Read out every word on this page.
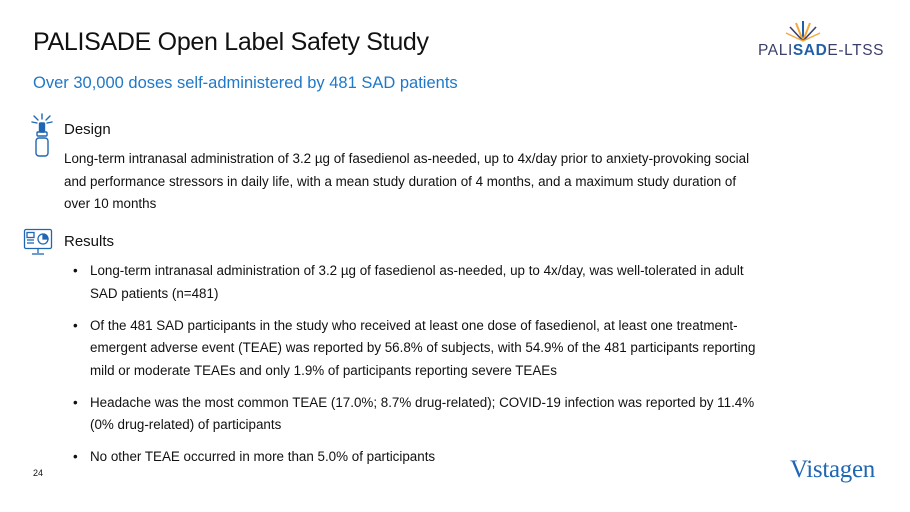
PALISADE Open Label Safety Study	PALISADE-LTSS
Over 30,000 doses self-administered by 481 SAD patients
Design
Long-term intranasal administration of 3.2 µg of fasedienol as-needed, up to 4x/day prior to anxiety-provoking social
and performance stressors in daily life, with a mean study duration of 4 months, and a maximum study duration of
over 10 months
Results
• Long-term intranasal administration of 3.2 µg of fasedienol as-needed, up to 4x/day, was well-tolerated in adult
SAD patients (n=481)
• Of the 481 SAD participants in the study who received at least one dose of fasedienol, at least one treatment-
emergent adverse event (TEAE) was reported by 56.8% of subjects, with 54.9% of the 481 participants reporting
mild or moderate TEAEs and only 1.9% of participants reporting severe TEAEs
• Headache was the most common TEAE (17.0%; 8.7% drug-related); COVID-19 infection was reported by 11.4%
(0% drug-related) of participants
• No other TEAE occurred in more than 5.0% of participants
24	Vistagen
